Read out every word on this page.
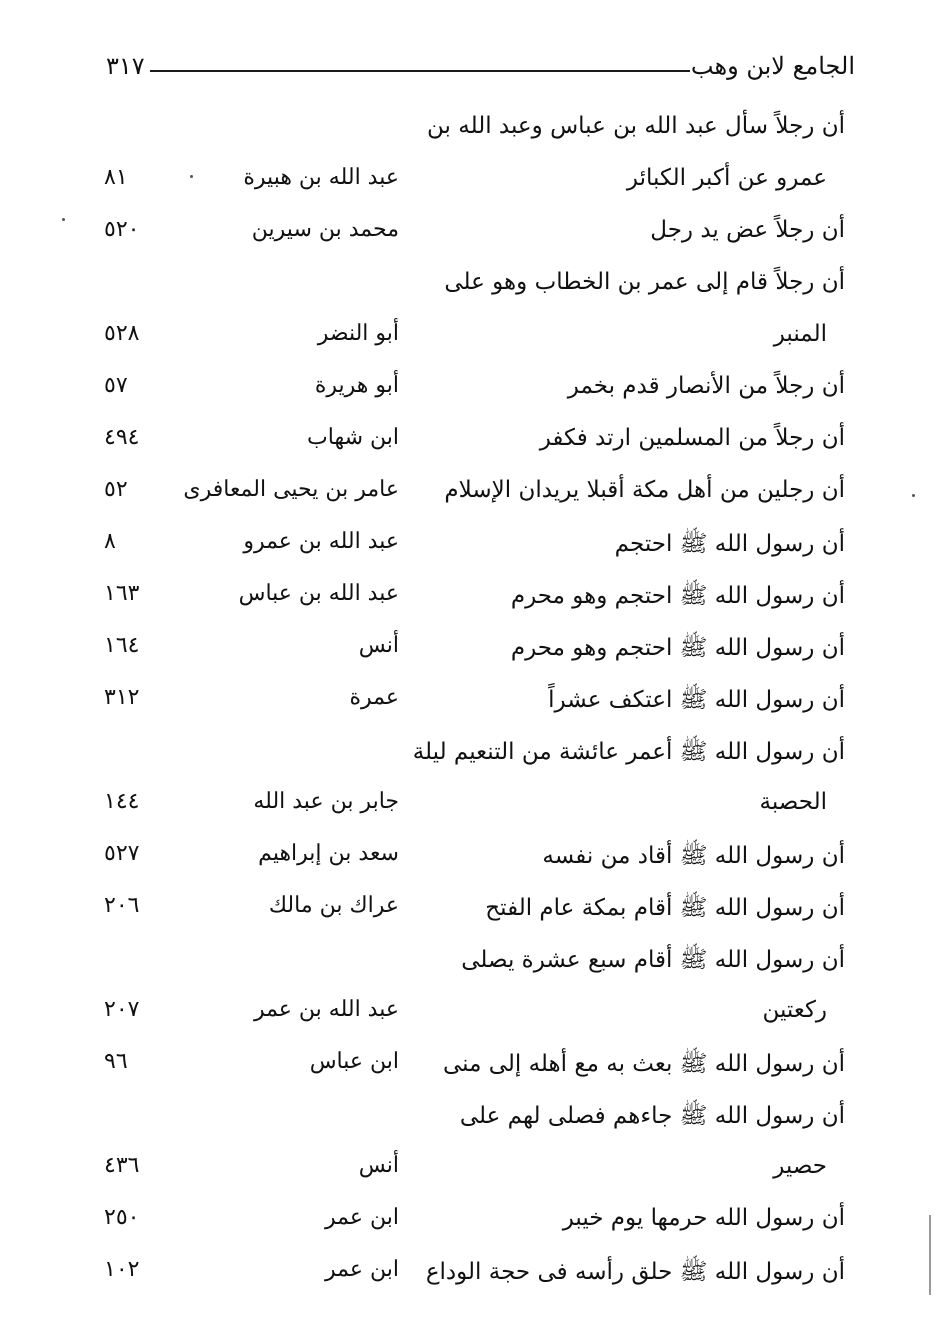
الجامع لابن وهب
٣١٧
أن رجلاً سأل عبد الله بن عباس وعبد الله بن
عمرو عن أكبر الكبائر
عبد الله بن هبيرة
٨١
أن رجلاً عض يد رجل
محمد بن سيرين
٥٢٠
أن رجلاً قام إلى عمر بن الخطاب وهو على
المنبر
أبو النضر
٥٢٨
أن رجلاً من الأنصار قدم بخمر
أبو هريرة
٥٧
أن رجلاً من المسلمين ارتد فكفر
ابن شهاب
٤٩٤
أن رجلين من أهل مكة أقبلا يريدان الإسلام
عامر بن يحيى المعافرى
٥٢
أن رسول الله ﷺ احتجم
عبد الله بن عمرو
٨
أن رسول الله ﷺ احتجم وهو محرم
عبد الله بن عباس
١٦٣
أن رسول الله ﷺ احتجم وهو محرم
أنس
١٦٤
أن رسول الله ﷺ اعتكف عشراً
عمرة
٣١٢
أن رسول الله ﷺ أعمر عائشة من التنعيم ليلة
الحصبة
جابر بن عبد الله
١٤٤
أن رسول الله ﷺ أقاد من نفسه
سعد بن إبراهيم
٥٢٧
أن رسول الله ﷺ أقام بمكة عام الفتح
عراك بن مالك
٢٠٦
أن رسول الله ﷺ أقام سبع عشرة يصلى
ركعتين
عبد الله بن عمر
٢٠٧
أن رسول الله ﷺ بعث به مع أهله إلى منى
ابن عباس
٩٦
أن رسول الله ﷺ جاءهم فصلى لهم على
حصير
أنس
٤٣٦
أن رسول الله حرمها يوم خيبر
ابن عمر
٢٥٠
أن رسول الله ﷺ حلق رأسه فى حجة الوداع
ابن عمر
١٠٢
